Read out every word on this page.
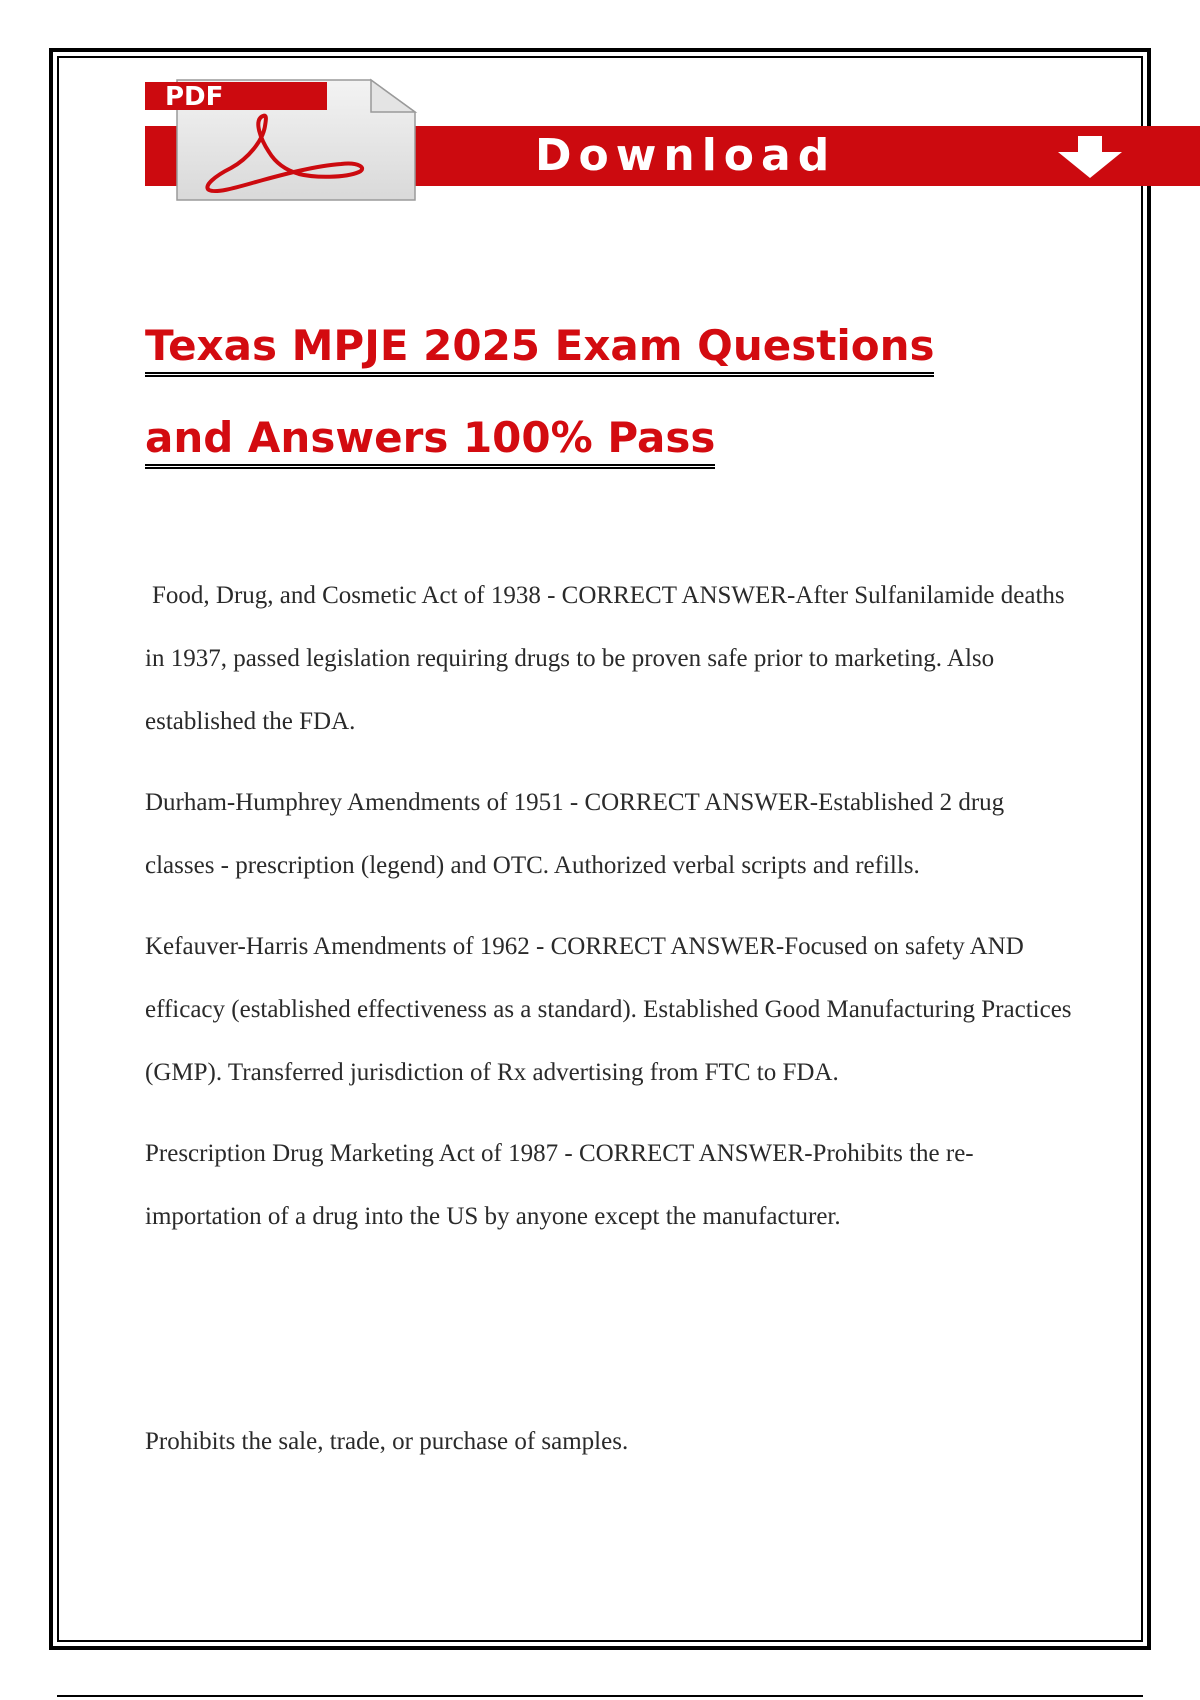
Download
PDF
Texas MPJE 2025 Exam Questions
and Answers 100% Pass

Food, Drug, and Cosmetic Act of 1938 - CORRECT ANSWER-After Sulfanilamide deaths in 1937, passed legislation requiring drugs to be proven safe prior to marketing. Also established the FDA.

Durham-Humphrey Amendments of 1951 - CORRECT ANSWER-Established 2 drug classes - prescription (legend) and OTC. Authorized verbal scripts and refills.

Kefauver-Harris Amendments of 1962 - CORRECT ANSWER-Focused on safety AND efficacy (established effectiveness as a standard). Established Good Manufacturing Practices (GMP). Transferred jurisdiction of Rx advertising from FTC to FDA.

Prescription Drug Marketing Act of 1987 - CORRECT ANSWER-Prohibits the re-importation of a drug into the US by anyone except the manufacturer.

Prohibits the sale, trade, or purchase of samples.
